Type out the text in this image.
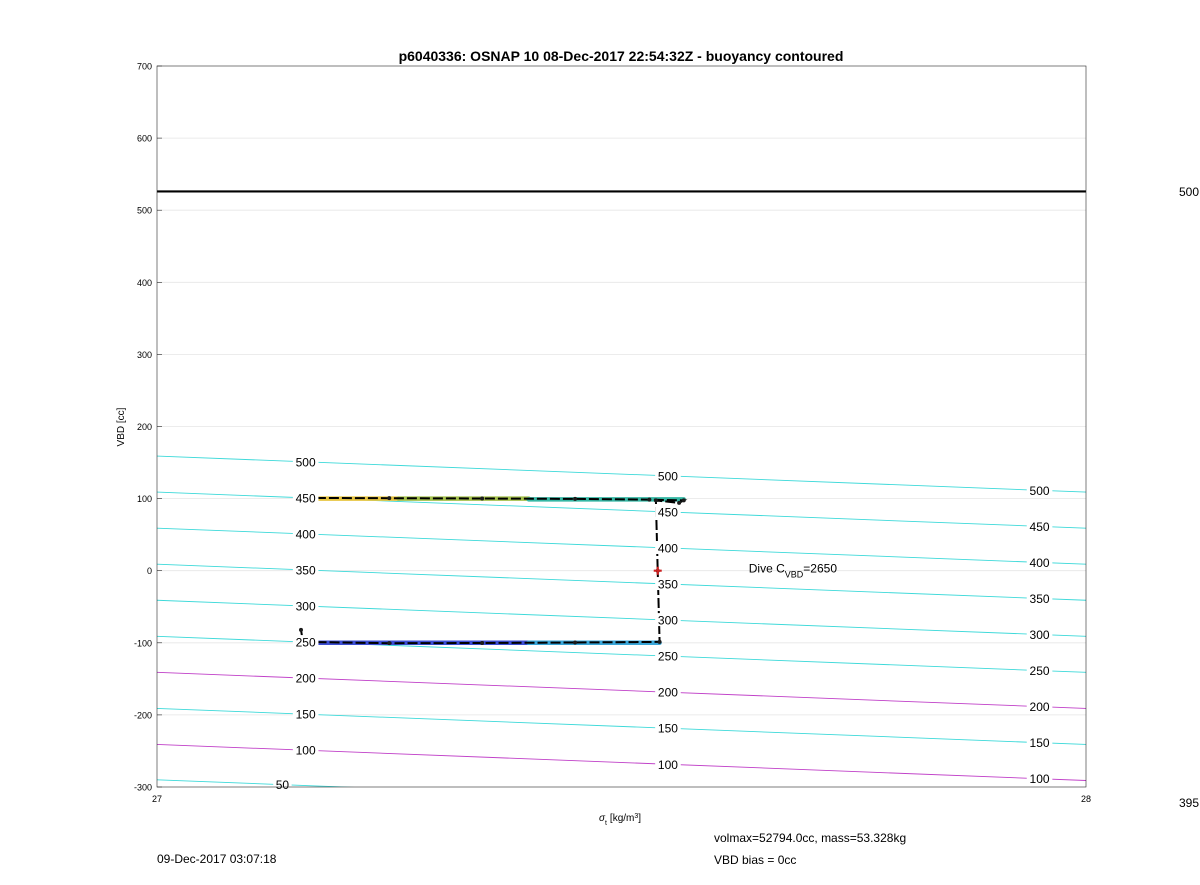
50
100
100
100
150
150
150
200
200
200
250
250
250
300
300
300
350
350
350
400
400
400
450
450
450
500
500
500
-300
-200
-100
0
100
200
300
400
500
600
700
27	28
p6040336: OSNAP 10 08-Dec-2017 22:54:32Z - buoyancy contoured
VBD [cc]
$\sigma_t$ $[kg/m^3]$
Dive $C_{VBD}=2650$
500
395
09-Dec-2017 03:07:18
volmax=52794.0cc, mass=53.328kg
VBD bias = 0cc
